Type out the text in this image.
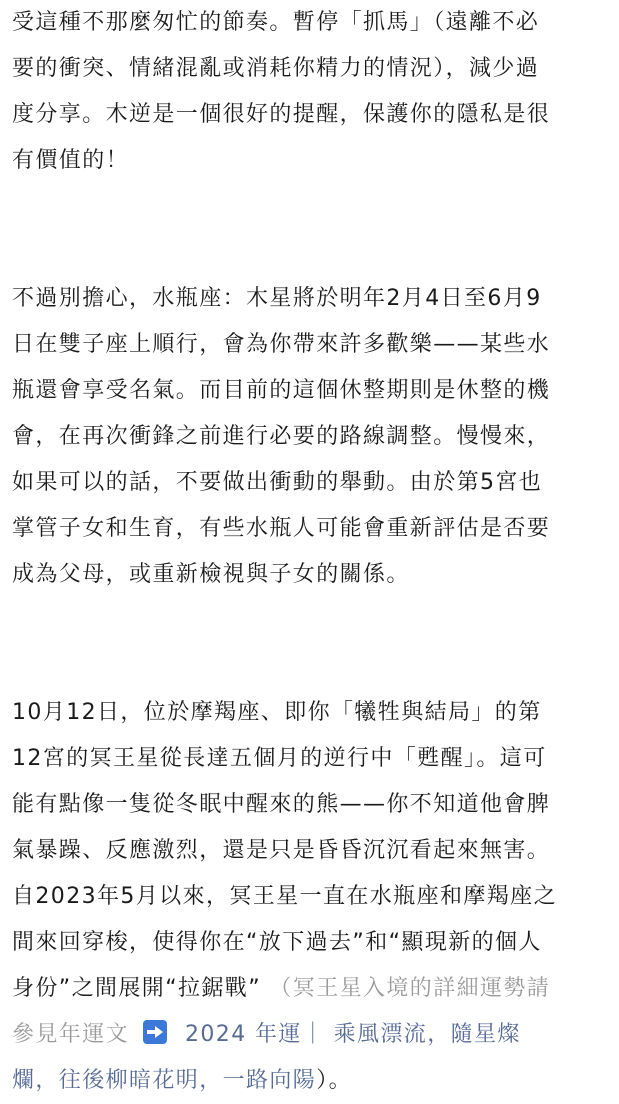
受這種不那麼匆忙的節奏。暫停「抓馬」（遠離不必
要的衝突、情緒混亂或消耗你精力的情況），減少過
度分享。木逆是一個很好的提醒，保護你的隱私是很
有價值的！
不過別擔心，水瓶座：木星將於明年2月4日至6月9
日在雙子座上順行，會為你帶來許多歡樂——某些水
瓶還會享受名氣。而目前的這個休整期則是休整的機
會，在再次衝鋒之前進行必要的路線調整。慢慢來，
如果可以的話，不要做出衝動的舉動。由於第5宮也
掌管子女和生育，有些水瓶人可能會重新評估是否要
成為父母，或重新檢視與子女的關係。
10月12日，位於摩羯座、即你「犧牲與結局」的第
12宮的冥王星從長達五個月的逆行中「甦醒」。這可
能有點像一隻從冬眠中醒來的熊——你不知道他會脾
氣暴躁、反應激烈，還是只是昏昏沉沉看起來無害。
自2023年5月以來，冥王星一直在水瓶座和摩羯座之
間來回穿梭，使得你在“放下過去”和“顯現新的個人
身份”之間展開“拉鋸戰” （冥王星入境的詳細運勢請
參見年運文	2024 年運｜ 乘風漂流，隨星燦
爛，往後柳暗花明，一路向陽）。
